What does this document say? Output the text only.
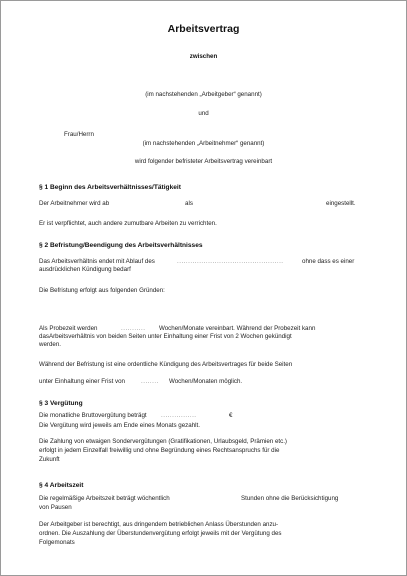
Arbeitsvertrag
zwischen
(im nachstehenden „Arbeitgeber“ genannt)
und
Frau/Herrn
(im nachstehenden „Arbeitnehmer“ genannt)
wird folgender befristeter Arbeitsvertrag vereinbart
§ 1 Beginn des Arbeitsverhältnisses/Tätigkeit
Der Arbeitnehmer wird ab	als	eingestellt.
Er ist verpflichtet, auch andere zumutbare Arbeiten zu verrichten.
§ 2 Befristung/Beendigung des Arbeitsverhältnisses
Das Arbeitsverhältnis endet mit Ablauf des	................................................	ohne dass es einer
ausdrücklichen Kündigung bedarf
Die Befristung erfolgt aus folgenden Gründen:
Als Probezeit werden	........... Wochen/Monate vereinbart. Während der Probezeit kann
dasArbeitsverhältnis von beiden Seiten unter Einhaltung einer Frist von 2 Wochen gekündigt
werden.
Während der Befristung ist eine ordentliche Kündigung des Arbeitsvertrages für beide Seiten
unter Einhaltung einer Frist von	........ Wochen/Monaten möglich.
§ 3 Vergütung
Die monatliche Bruttovergütung beträgt ................	€
Die Vergütung wird jeweils am Ende eines Monats gezahlt.
Die Zahlung von etwaigen Sondervergütungen (Gratifikationen, Urlaubsgeld, Prämien etc.)
erfolgt in jedem Einzelfall freiwillig und ohne Begründung eines Rechtsanspruchs für die
Zukunft
§ 4 Arbeitszeit
Die regelmäßige Arbeitszeit beträgt wöchentlich	Stunden ohne die Berücksichtigung
von Pausen
Der Arbeitgeber ist berechtigt, aus dringendem betrieblichen Anlass Überstunden anzu-
ordnen. Die Auszahlung der Überstundenvergütung erfolgt jeweils mit der Vergütung des
Folgemonats
